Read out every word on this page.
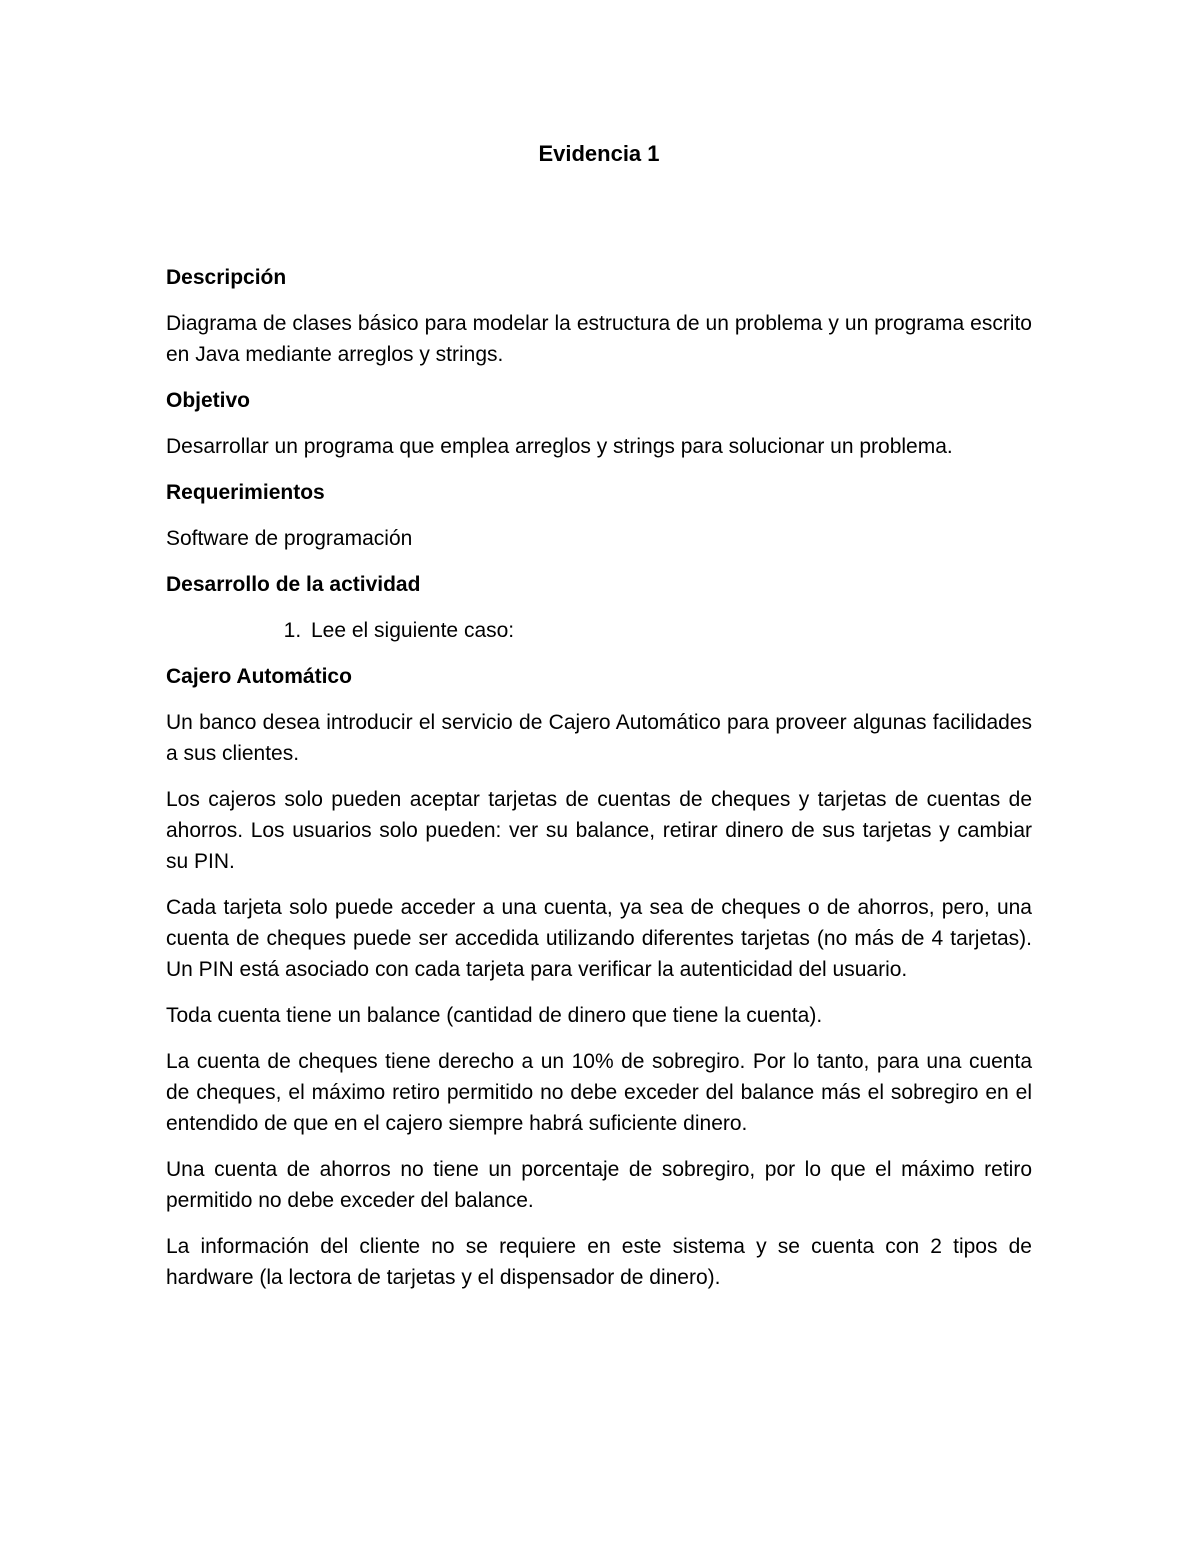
Evidencia 1
Descripción

Diagrama de clases básico para modelar la estructura de un problema y un programa escrito en Java mediante arreglos y strings.

Objetivo

Desarrollar un programa que emplea arreglos y strings para solucionar un problema.

Requerimientos

Software de programación

Desarrollo de la actividad
1. Lee el siguiente caso:
Cajero Automático

Un banco desea introducir el servicio de Cajero Automático para proveer algunas facilidades a sus clientes.

Los cajeros solo pueden aceptar tarjetas de cuentas de cheques y tarjetas de cuentas de ahorros. Los usuarios solo pueden: ver su balance, retirar dinero de sus tarjetas y cambiar su PIN.

Cada tarjeta solo puede acceder a una cuenta, ya sea de cheques o de ahorros, pero, una cuenta de cheques puede ser accedida utilizando diferentes tarjetas (no más de 4 tarjetas). Un PIN está asociado con cada tarjeta para verificar la autenticidad del usuario.

Toda cuenta tiene un balance (cantidad de dinero que tiene la cuenta).

La cuenta de cheques tiene derecho a un 10% de sobregiro. Por lo tanto, para una cuenta de cheques, el máximo retiro permitido no debe exceder del balance más el sobregiro en el entendido de que en el cajero siempre habrá suficiente dinero.

Una cuenta de ahorros no tiene un porcentaje de sobregiro, por lo que el máximo retiro permitido no debe exceder del balance.

La información del cliente no se requiere en este sistema y se cuenta con 2 tipos de hardware (la lectora de tarjetas y el dispensador de dinero).
